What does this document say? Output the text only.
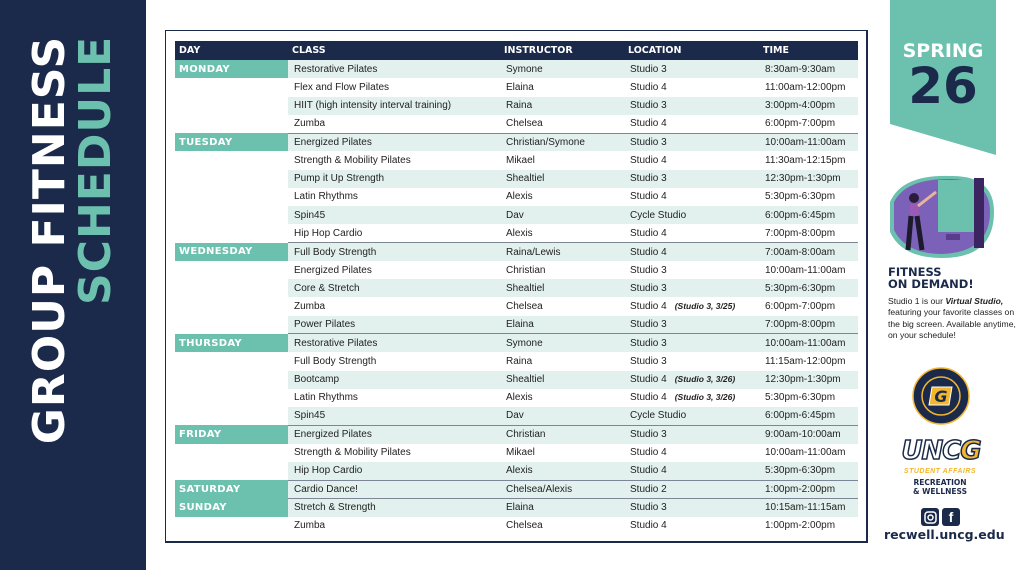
GROUP FITNESS
SCHEDULE	DAY	CLASS	INSTRUCTOR	LOCATION	TIME
MONDAY	Restorative Pilates	Symone	Studio 3	8:30am-9:30am
	Flex and Flow Pilates	Elaina	Studio 4	11:00am-12:00pm
	HIIT (high intensity interval training)	Raina	Studio 3	3:00pm-4:00pm
	Zumba	Chelsea	Studio 4	6:00pm-7:00pm
TUESDAY	Energized Pilates	Christian/Symone	Studio 3	10:00am-11:00am
	Strength & Mobility Pilates	Mikael	Studio 4	11:30am-12:15pm
	Pump it Up Strength	Shealtiel	Studio 3	12:30pm-1:30pm
	Latin Rhythms	Alexis	Studio 4	5:30pm-6:30pm
	Spin45	Dav	Cycle Studio	6:00pm-6:45pm
	Hip Hop Cardio	Alexis	Studio 4	7:00pm-8:00pm
WEDNESDAY	Full Body Strength	Raina/Lewis	Studio 4	7:00am-8:00am
	Energized Pilates	Christian	Studio 3	10:00am-11:00am
	Core & Stretch	Shealtiel	Studio 3	5:30pm-6:30pm
	Zumba	Chelsea	Studio 4 (Studio 3, 3/25)	6:00pm-7:00pm
	Power Pilates	Elaina	Studio 3	7:00pm-8:00pm
THURSDAY	Restorative Pilates	Symone	Studio 3	10:00am-11:00am
	Full Body Strength	Raina	Studio 3	11:15am-12:00pm
	Bootcamp	Shealtiel	Studio 4 (Studio 3, 3/26)	12:30pm-1:30pm
	Latin Rhythms	Alexis	Studio 4 (Studio 3, 3/26)	5:30pm-6:30pm
	Spin45	Dav	Cycle Studio	6:00pm-6:45pm
FRIDAY	Energized Pilates	Christian	Studio 3	9:00am-10:00am
	Strength & Mobility Pilates	Mikael	Studio 4	10:00am-11:00am
	Hip Hop Cardio	Alexis	Studio 4	5:30pm-6:30pm
SATURDAY	Cardio Dance!	Chelsea/Alexis	Studio 2	1:00pm-2:00pm
SUNDAY	Stretch & Strength	Elaina	Studio 3	10:15am-11:15am
	Zumba	Chelsea	Studio 4	1:00pm-2:00pm
SPRING
26
FITNESS
ON DEMAND!
Studio 1 is our Virtual Studio, featuring your favorite classes on the big screen. Available anytime, on your schedule!
G
UNCG
STUDENT AFFAIRS
RECREATION
& WELLNESS
f
recwell.uncg.edu
